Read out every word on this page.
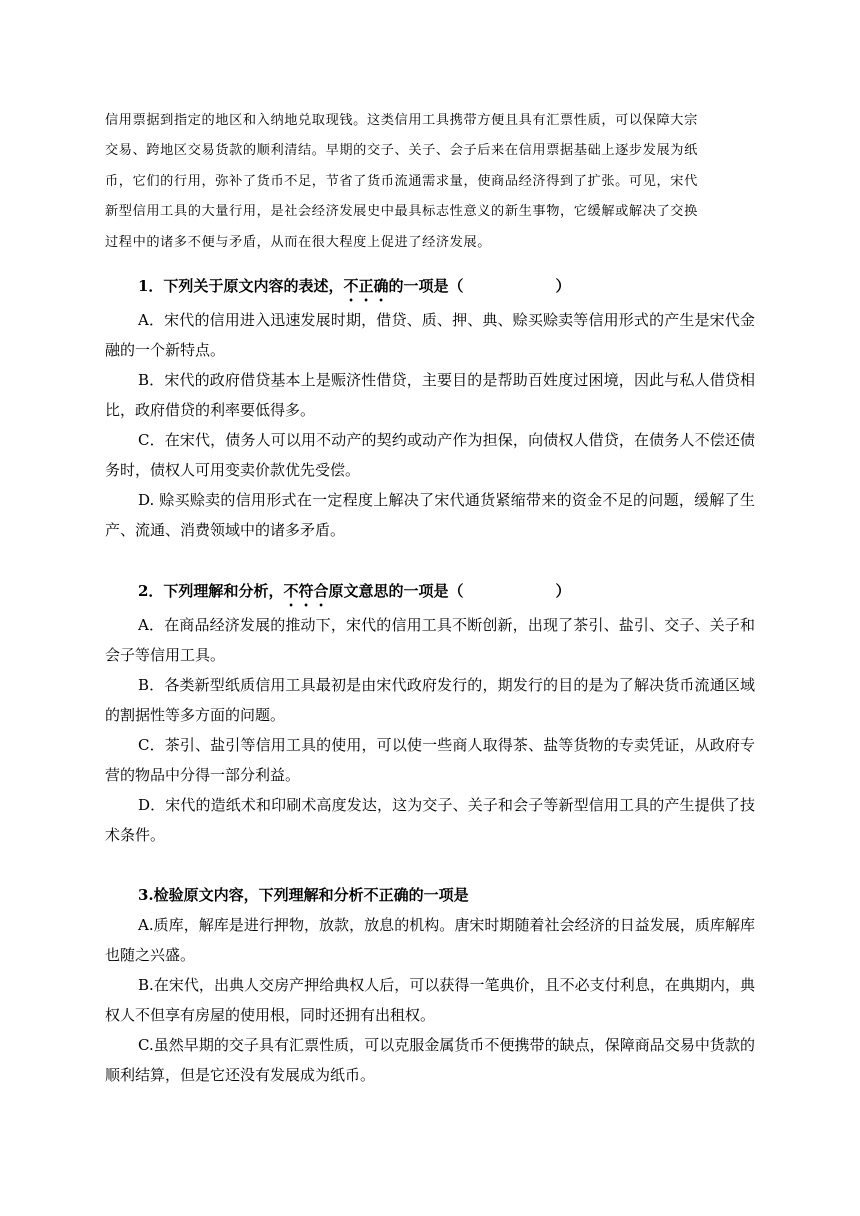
信用票据到指定的地区和入纳地兑取现钱。这类信用工具携带方便且具有汇票性质，可以保障大宗

交易、跨地区交易货款的顺利清结。早期的交子、关子、会子后来在信用票据基础上逐步发展为纸

币，它们的行用，弥补了货币不足，节省了货币流通需求量，使商品经济得到了扩张。可见，宋代

新型信用工具的大量行用，是社会经济发展史中最具标志性意义的新生事物，它缓解或解决了交换

过程中的诸多不便与矛盾，从而在很大程度上促进了经济发展。

1．下列关于原文内容的表述，不正确的一项是（	）

A．宋代的信用进入迅速发展时期，借贷、质、押、典、赊买赊卖等信用形式的产生是宋代金融的一个新特点。

B．宋代的政府借贷基本上是赈济性借贷，主要目的是帮助百姓度过困境，因此与私人借贷相比，政府借贷的利率要低得多。

C．在宋代，债务人可以用不动产的契约或动产作为担保，向债权人借贷，在债务人不偿还债务时，债权人可用变卖价款优先受偿。

D. 赊买赊卖的信用形式在一定程度上解决了宋代通货紧缩带来的资金不足的问题，缓解了生产、流通、消费领域中的诸多矛盾。

2．下列理解和分析，不符合原文意思的一项是（	）

A．在商品经济发展的推动下，宋代的信用工具不断创新，出现了茶引、盐引、交子、关子和会子等信用工具。

B．各类新型纸质信用工具最初是由宋代政府发行的，期发行的目的是为了解决货币流通区域的割据性等多方面的问题。

C．茶引、盐引等信用工具的使用，可以使一些商人取得茶、盐等货物的专卖凭证，从政府专营的物品中分得一部分利益。

D．宋代的造纸术和印刷术高度发达，这为交子、关子和会子等新型信用工具的产生提供了技术条件。

3.检验原文内容，下列理解和分析不正确的一项是

A.质库，解库是进行押物，放款，放息的机构。唐宋时期随着社会经济的日益发展，质库解库也随之兴盛。

B.在宋代，出典人交房产押给典权人后，可以获得一笔典价，且不必支付利息，在典期内，典权人不但享有房屋的使用根，同时还拥有出租权。

C.虽然早期的交子具有汇票性质，可以克服金属货币不便携带的缺点，保障商品交易中货款的顺利结算，但是它还没有发展成为纸币。
